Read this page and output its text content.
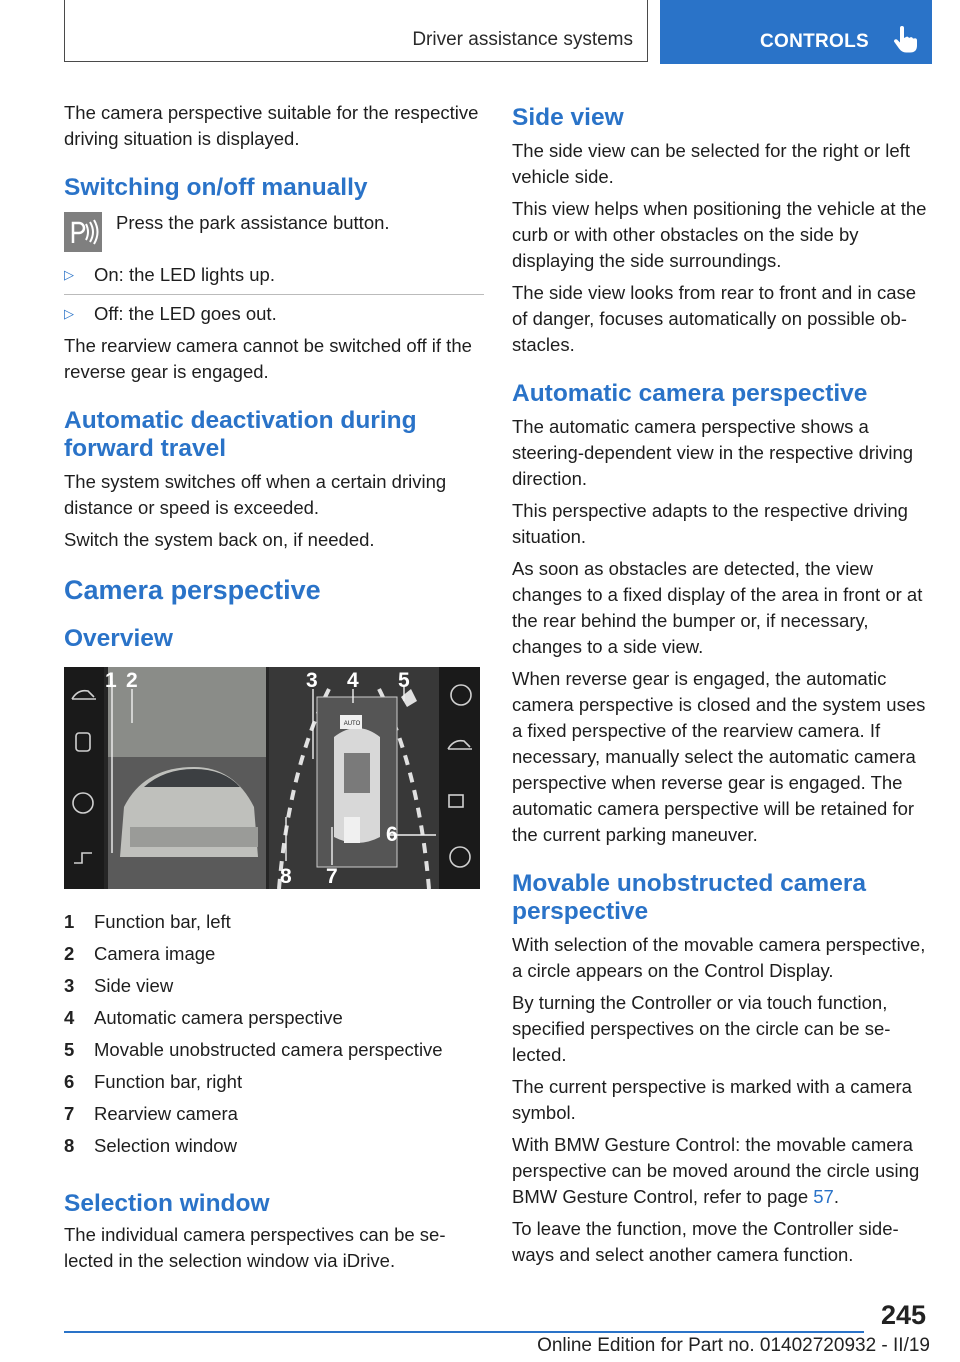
Driver assistance systems	CONTROLS

The camera perspective suitable for the respective driving situation is displayed.

Switching on/off manually
Press the park assistance button.
▷ On: the LED lights up.
▷ Off: the LED goes out.

The rearview camera cannot be switched off if the reverse gear is engaged.

Automatic deactivation during forward travel

The system switches off when a certain driving distance or speed is exceeded.

Switch the system back on, if needed.

Camera perspective
Overview
AUTO
1 2	3 4 5
6
7
8
1 Function bar, left
2 Camera image
3 Side view
4 Automatic camera perspective
5 Movable unobstructed camera perspective
6 Function bar, right
7 Rearview camera
8 Selection window
Selection window

The individual camera perspectives can be selected in the selection window via iDrive.

Side view

The side view can be selected for the right or left vehicle side.

This view helps when positioning the vehicle at the curb or with other obstacles on the side by displaying the side surroundings.

The side view looks from rear to front and in case of danger, focuses automatically on possible obstacles.

Automatic camera perspective

The automatic camera perspective shows a steering-dependent view in the respective driving direction.

This perspective adapts to the respective driving situation.

As soon as obstacles are detected, the view changes to a fixed display of the area in front or at the rear behind the bumper or, if necessary, changes to a side view.

When reverse gear is engaged, the automatic camera perspective is closed and the system uses a fixed perspective of the rearview camera. If necessary, manually select the automatic camera perspective when reverse gear is engaged. The automatic camera perspective will be retained for the current parking maneuver.

Movable unobstructed camera perspective

With selection of the movable camera perspective, a circle appears on the Control Display.

By turning the Controller or via touch function, specified perspectives on the circle can be selected.

The current perspective is marked with a camera symbol.

With BMW Gesture Control: the movable camera perspective can be moved around the circle using BMW Gesture Control, refer to page 57.

To leave the function, move the Controller sideways and select another camera function.

245
Online Edition for Part no. 01402720932 - II/19
